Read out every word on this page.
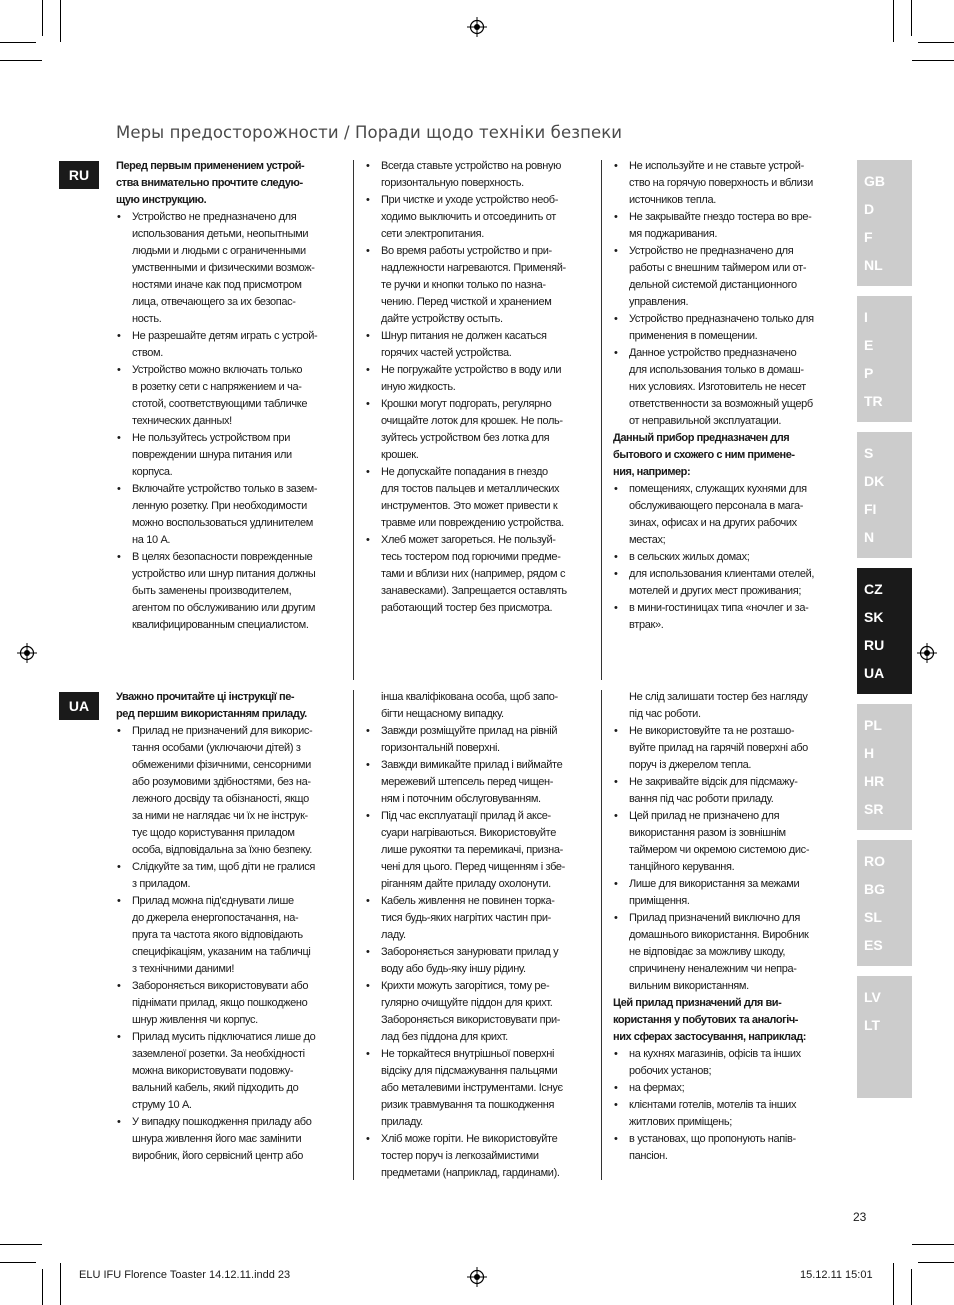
Меры предосторожности / Поради щодо техніки безпеки
RU
UA
Перед первым применением устрой-
ства внимательно прочтите следую-
щую инструкцию.
• Устройство не предназначено для
использования детьми, неопытными
людьми и людьми с ограниченными
умственными и физическими возмож-
ностями иначе как под присмотром
лица, отвечающего за их безопас-
ность.
• Не разрешайте детям играть с устрой-
ством.
• Устройство можно включать только
в розетку сети с напряжением и ча-
стотой, соответствующими табличке
технических данных!
• Не пользуйтесь устройством при
повреждении шнура питания или
корпуса.
• Включайте устройство только в зазем-
ленную розетку. При необходимости
можно воспользоваться удлинителем
на 10 А.
• В целях безопасности поврежденные
устройство или шнур питания должны
быть заменены производителем,
агентом по обслуживанию или другим
квалифицированным специалистом.
• Всегда ставьте устройство на ровную
горизонтальную поверхность.
• При чистке и уходе устройство необ-
ходимо выключить и отсоединить от
сети электропитания.
• Во время работы устройство и при-
надлежности нагреваются. Применяй-
те ручки и кнопки только по назна-
чению. Перед чисткой и хранением
дайте устройству остыть.
• Шнур питания не должен касаться
горячих частей устройства.
• Не погружайте устройство в воду или
иную жидкость.
• Крошки могут подгорать, регулярно
очищайте лоток для крошек. Не поль-
зуйтесь устройством без лотка для
крошек.
• Не допускайте попадания в гнездо
для тостов пальцев и металлических
инструментов. Это может привести к
травме или повреждению устройства.
• Хлеб может загореться. Не пользуй-
тесь тостером под горючими предме-
тами и вблизи них (например, рядом с
занавесками). Запрещается оставлять
работающий тостер без присмотра.
• Не используйте и не ставьте устрой-
ство на горячую поверхность и вблизи
источников тепла.
• Не закрывайте гнездо тостера во вре-
мя поджаривания.
• Устройство не предназначено для
работы с внешним таймером или от-
дельной системой дистанционного
управления.
• Устройство предназначено только для
применения в помещении.
• Данное устройство предназначено
для использования только в домаш-
них условиях. Изготовитель не несет
ответственности за возможный ущерб
от неправильной эксплуатации.
Данный прибор предназначен для
бытового и схожего с ним примене-
ния, например:
• помещениях, служащих кухнями для
обслуживающего персонала в мага-
зинах, офисах и на других рабочих
местах;
• в сельских жилых домах;
• для использования клиентами отелей,
мотелей и других мест проживания;
• в мини-гостиницах типа «ночлег и за-
втрак».
Уважно прочитайте ці інструкції пе-
ред першим використанням приладу.
• Прилад не призначений для викорис-
тання особами (уключаючи дітей) з
обмеженими фізичними, сенсорними
або розумовими здібностями, без на-
лежного досвіду та обізнаності, якщо
за ними не наглядає чи їх не інструк-
тує щодо користування приладом
особа, відповідальна за їхню безпеку.
• Слідкуйте за тим, щоб діти не гралися
з приладом.
• Прилад можна під'єднувати лише
до джерела енергопостачання, на-
пруга та частота якого відповідають
специфікаціям, указаним на табличці
з технічними даними!
• Забороняється використовувати або
піднімати прилад, якщо пошкоджено
шнур живлення чи корпус.
• Прилад мусить підключатися лише до
заземленої розетки. За необхідності
можна використовувати подовжу-
вальний кабель, який підходить до
струму 10 А.
• У випадку пошкодження приладу або
шнура живлення його має замінити
виробник, його сервісний центр або
інша кваліфікована особа, щоб запо-
бігти нещасному випадку.
• Завжди розміщуйте прилад на рівній
горизонтальній поверхні.
• Завжди вимикайте прилад і виймайте
мережевий штепсель перед чищен-
ням і поточним обслуговуванням.
• Під час експлуатації прилад й аксе-
суари нагріваються. Використовуйте
лише рукоятки та перемикачі, призна-
чені для цього. Перед чищенням і збе-
ріганням дайте приладу охолонути.
• Кабель живлення не повинен торка-
тися будь-яких нагрітих частин при-
ладу.
• Забороняється занурювати прилад у
воду або будь-яку іншу рідину.
• Крихти можуть загорітися, тому ре-
гулярно очищуйте піддон для крихт.
Забороняється використовувати при-
лад без піддона для крихт.
• Не торкайтеся внутрішньої поверхні
відсіку для підсмажування пальцями
або металевими інструментами. Існує
ризик травмування та пошкодження
приладу.
• Хліб може горіти. Не використовуйте
тостер поруч із легкозаймистими
предметами (наприклад, гардинами).
Не слід залишати тостер без нагляду
під час роботи.
• Не використовуйте та не розташо-
вуйте прилад на гарячій поверхні або
поруч із джерелом тепла.
• Не закривайте відсік для підсмажу-
вання під час роботи приладу.
• Цей прилад не призначено для
використання разом із зовнішнім
таймером чи окремою системою дис-
танційного керування.
• Лише для використання за межами
приміщення.
• Прилад призначений виключно для
домашнього використання. Виробник
не відповідає за можливу шкоду,
спричинену неналежним чи непра-
вильним використанням.
Цей прилад призначений для ви-
користання у побутових та аналогіч-
них сферах застосування, наприклад:
• на кухнях магазинів, офісів та інших
робочих установ;
• на фермах;
• клієнтами готелів, мотелів та інших
житлових приміщень;
• в установах, що пропонують напів-
пансіон.
GB
D
F
NL
I
E
P
TR
S
DK
FI
N
CZ
SK
RU
UA
PL
H
HR
SR
RO
BG
SL
ES
LV
LT
23
ELU IFU Florence Toaster 14.12.11.indd 23	15.12.11 15:01
